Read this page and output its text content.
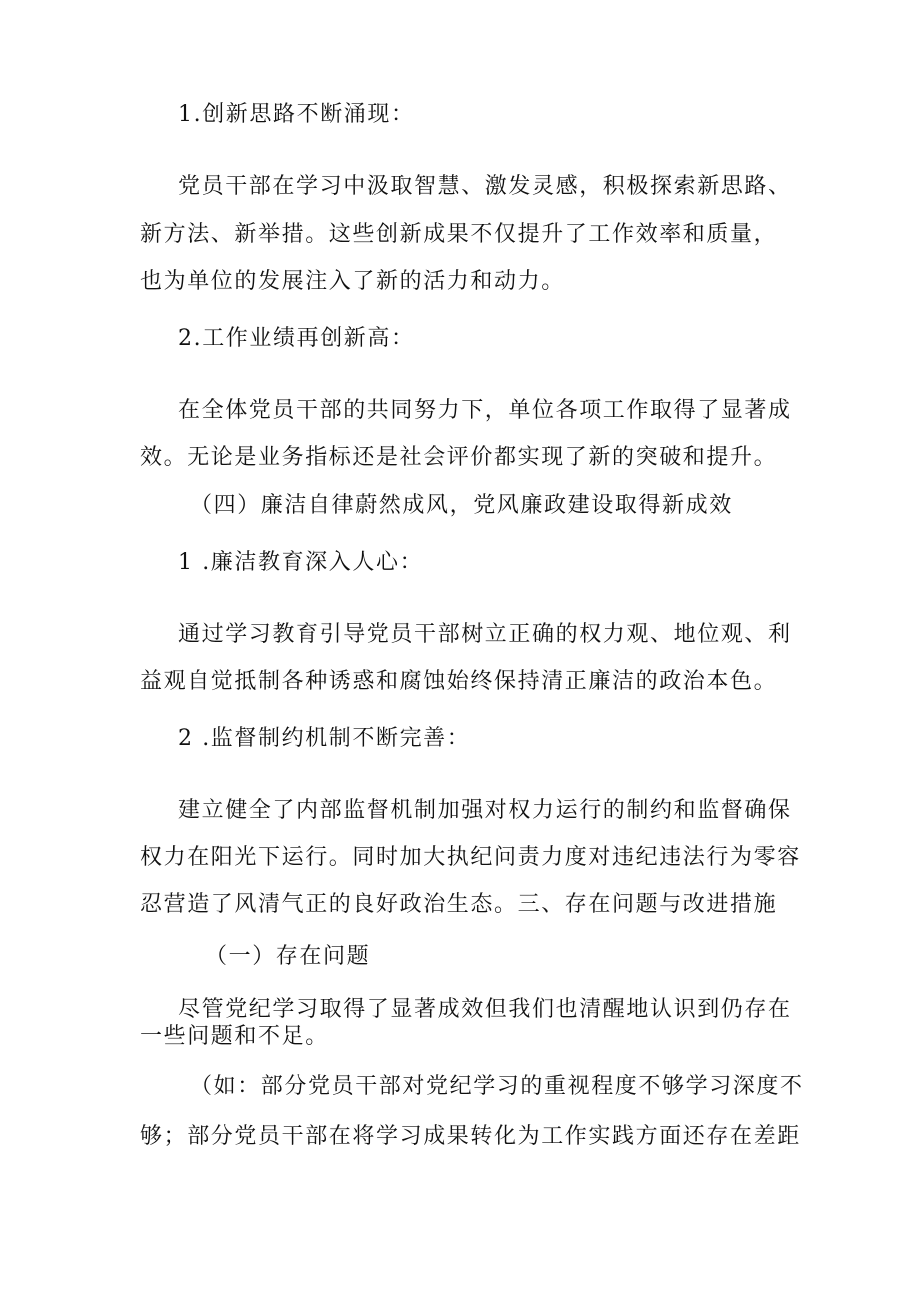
1.创新思路不断涌现：
党员干部在学习中汲取智慧、激发灵感，积极探索新思路、
新方法、新举措。这些创新成果不仅提升了工作效率和质量，
也为单位的发展注入了新的活力和动力。
2.工作业绩再创新高：
在全体党员干部的共同努力下，单位各项工作取得了显著成
效。无论是业务指标还是社会评价都实现了新的突破和提升。
（四）廉洁自律蔚然成风，党风廉政建设取得新成效
1 .廉洁教育深入人心：
通过学习教育引导党员干部树立正确的权力观、地位观、利
益观自觉抵制各种诱惑和腐蚀始终保持清正廉洁的政治本色。
2 .监督制约机制不断完善：
建立健全了内部监督机制加强对权力运行的制约和监督确保
权力在阳光下运行。同时加大执纪问责力度对违纪违法行为零容
忍营造了风清气正的良好政治生态。三、存在问题与改进措施
（一）存在问题
尽管党纪学习取得了显著成效但我们也清醒地认识到仍存在
一些问题和不足。
（如：部分党员干部对党纪学习的重视程度不够学习深度不
够；部分党员干部在将学习成果转化为工作实践方面还存在差距
